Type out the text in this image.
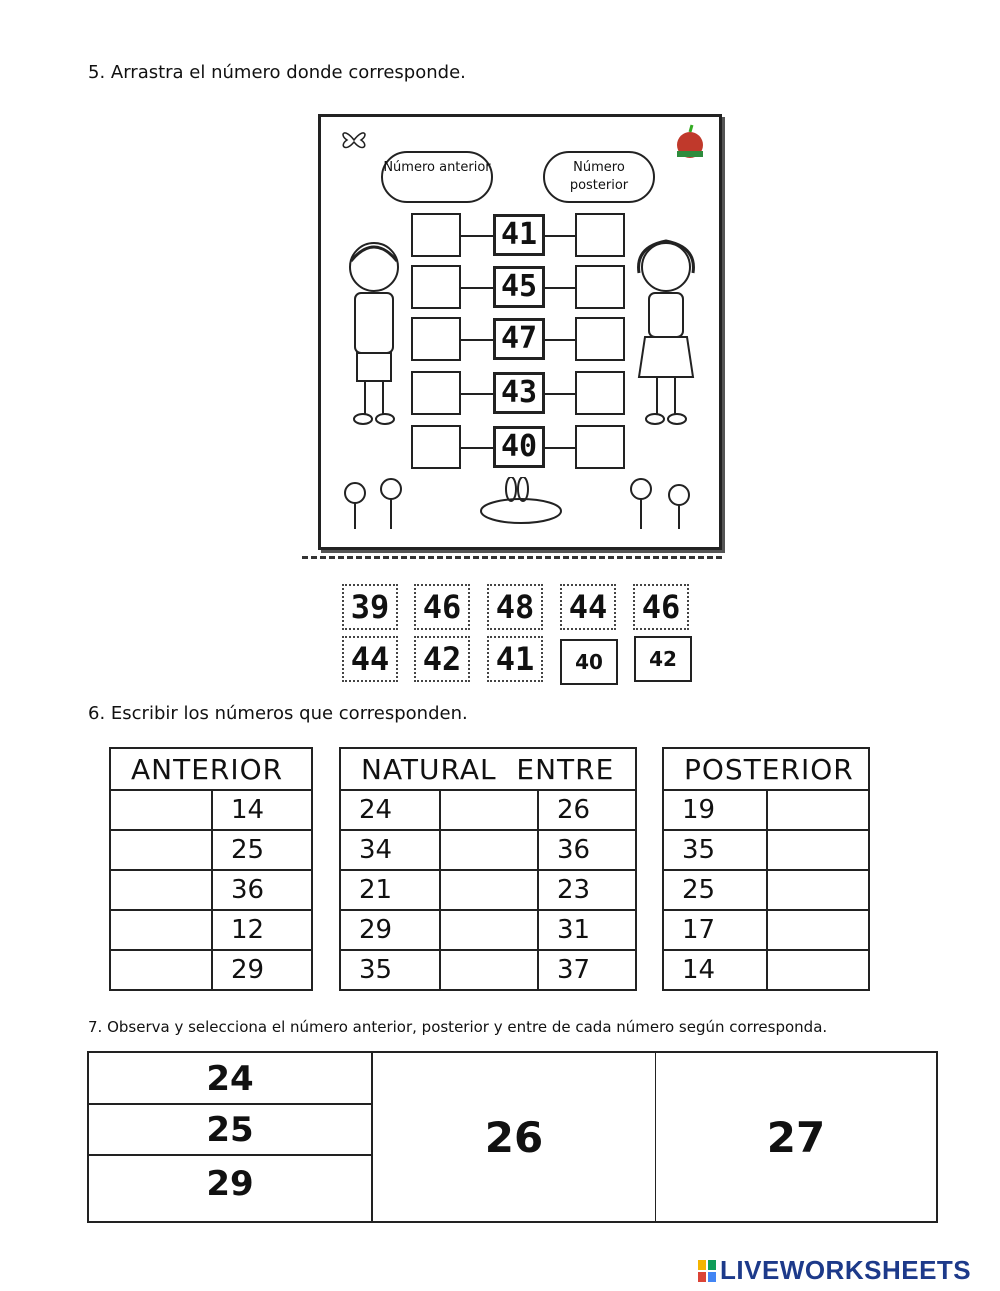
5. Arrastra el número donde corresponde.
Número anterior	Número posterior
41
45
47
43
40
39 46 48 44 46
44 42 41	40	42
6. Escribir los números que corresponden.
ANTERIOR	
	14
	25
	36
	12
	29
NATURAL  ENTRE		
24		26
34		36
21		23
29		31
35		37
POSTERIOR	
19	
35	
25	
17	
14	
7. Observa y selecciona el número anterior, posterior y entre de cada número según corresponda.
24
25
29
26	27
LIVEWORKSHEETS
